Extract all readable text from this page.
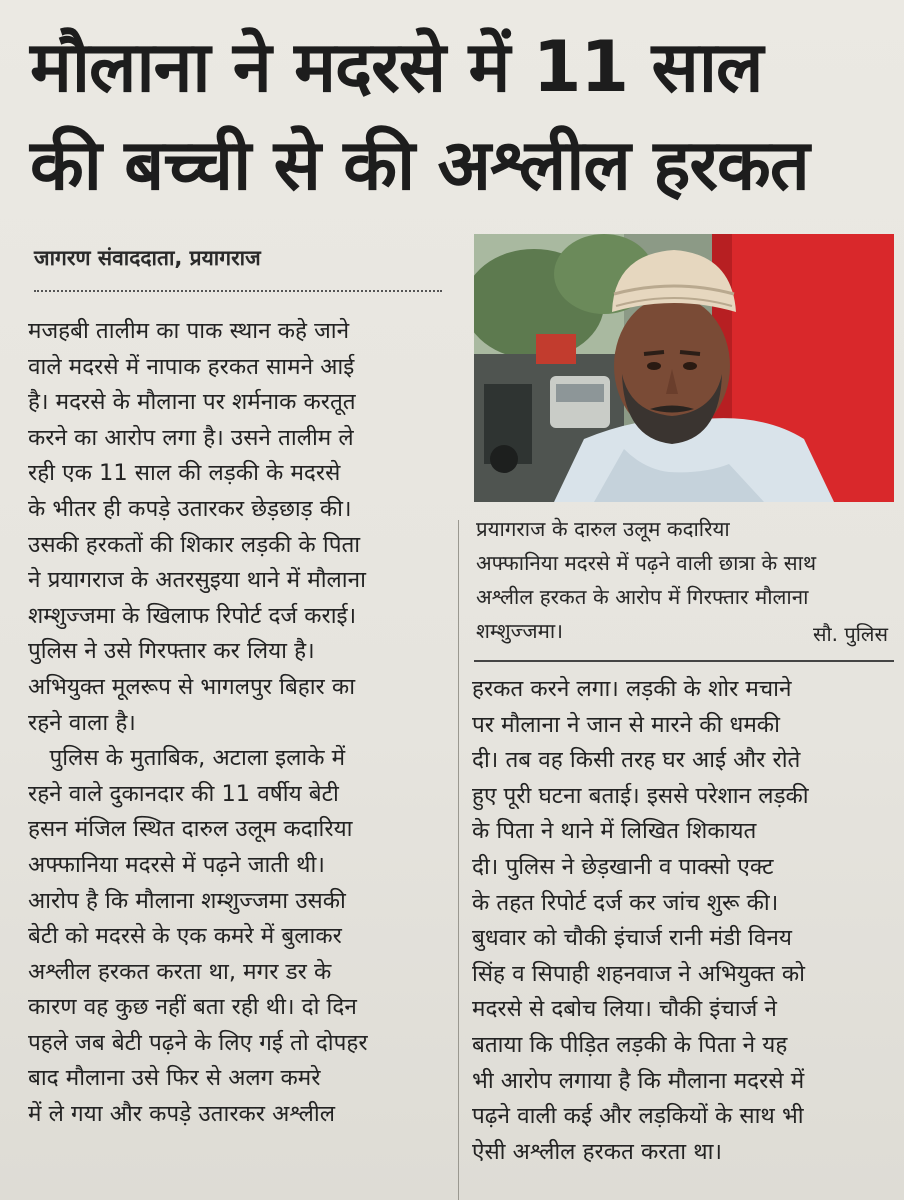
मौलाना ने मदरसे में 11 साल
की बच्ची से की अश्लील हरकत
जागरण संवाददाता, प्रयागराज
मजहबी तालीम का पाक स्थान कहे जाने
वाले मदरसे में नापाक हरकत सामने आई
है। मदरसे के मौलाना पर शर्मनाक करतूत
करने का आरोप लगा है। उसने तालीम ले
रही एक 11 साल की लड़की के मदरसे
के भीतर ही कपड़े उतारकर छेड़छाड़ की।
उसकी हरकतों की शिकार लड़की के पिता
ने प्रयागराज के अतरसुइया थाने में मौलाना
शम्शुज्जमा के खिलाफ रिपोर्ट दर्ज कराई।
पुलिस ने उसे गिरफ्तार कर लिया है।
अभियुक्त मूलरूप से भागलपुर बिहार का
रहने वाला है।
पुलिस के मुताबिक, अटाला इलाके में
रहने वाले दुकानदार की 11 वर्षीय बेटी
हसन मंजिल स्थित दारुल उलूम कदारिया
अफ्फानिया मदरसे में पढ़ने जाती थी।
आरोप है कि मौलाना शम्शुज्जमा उसकी
बेटी को मदरसे के एक कमरे में बुलाकर
अश्लील हरकत करता था, मगर डर के
कारण वह कुछ नहीं बता रही थी। दो दिन
पहले जब बेटी पढ़ने के लिए गई तो दोपहर
बाद मौलाना उसे फिर से अलग कमरे
में ले गया और कपड़े उतारकर अश्लील
प्रयागराज के दारुल उलूम कदारिया
अफ्फानिया मदरसे में पढ़ने वाली छात्रा के साथ
अश्लील हरकत के आरोप में गिरफ्तार मौलाना
शम्शुज्जमा।	सौ. पुलिस
हरकत करने लगा। लड़की के शोर मचाने
पर मौलाना ने जान से मारने की धमकी
दी। तब वह किसी तरह घर आई और रोते
हुए पूरी घटना बताई। इससे परेशान लड़की
के पिता ने थाने में लिखित शिकायत
दी। पुलिस ने छेड़खानी व पाक्सो एक्ट
के तहत रिपोर्ट दर्ज कर जांच शुरू की।
बुधवार को चौकी इंचार्ज रानी मंडी विनय
सिंह व सिपाही शहनवाज ने अभियुक्त को
मदरसे से दबोच लिया। चौकी इंचार्ज ने
बताया कि पीड़ित लड़की के पिता ने यह
भी आरोप लगाया है कि मौलाना मदरसे में
पढ़ने वाली कई और लड़कियों के साथ भी
ऐसी अश्लील हरकत करता था।
